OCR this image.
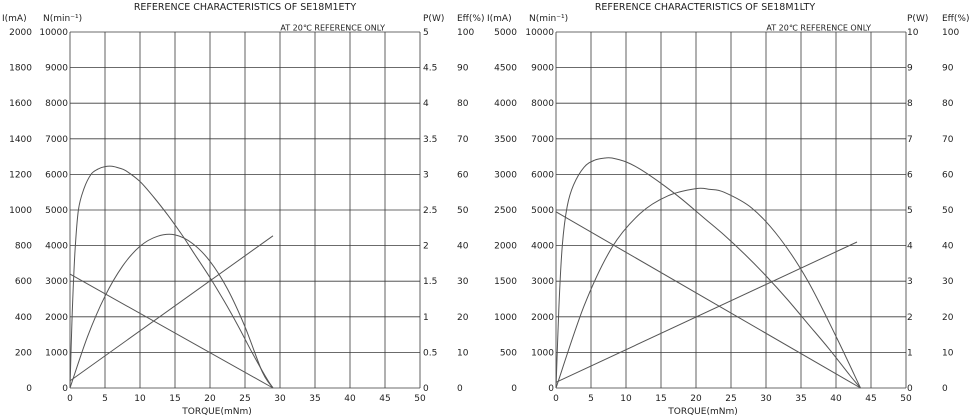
REFERENCE CHARACTERISTICS OF SE18M1ETY
AT 20℃ REFERENCE ONLY
0	5	10	15	20	25	30	35	40	45	50
TORQUE(mNm)
I(mA)
0
200
400
600
800
1000
1200
1400
1600
1800
2000
N(min⁻¹)
0
1000
2000
3000
4000
5000
6000
7000
8000
9000
10000
P(W)
0
0.5
1
1.5
2
2.5
3
3.5
4
4.5
5
Eff(%)
0
10
20
30
40
50
60
70
80
90
100
REFERENCE CHARACTERISTICS OF SE18M1LTY
AT 20℃ REFERENCE ONLY
0	5	10	15	20	25	30	35	40	45	50
TORQUE(mNm)
I(mA)
0
500
1000
1500
2000
2500
3000
3500
4000
4500
5000
N(min⁻¹)
0
1000
2000
3000
4000
5000
6000
7000
8000
9000
10000
P(W)
0
1
2
3
4
5
6
7
8
9
10
Eff(%)
0
10
20
30
40
50
60
70
80
90
100
